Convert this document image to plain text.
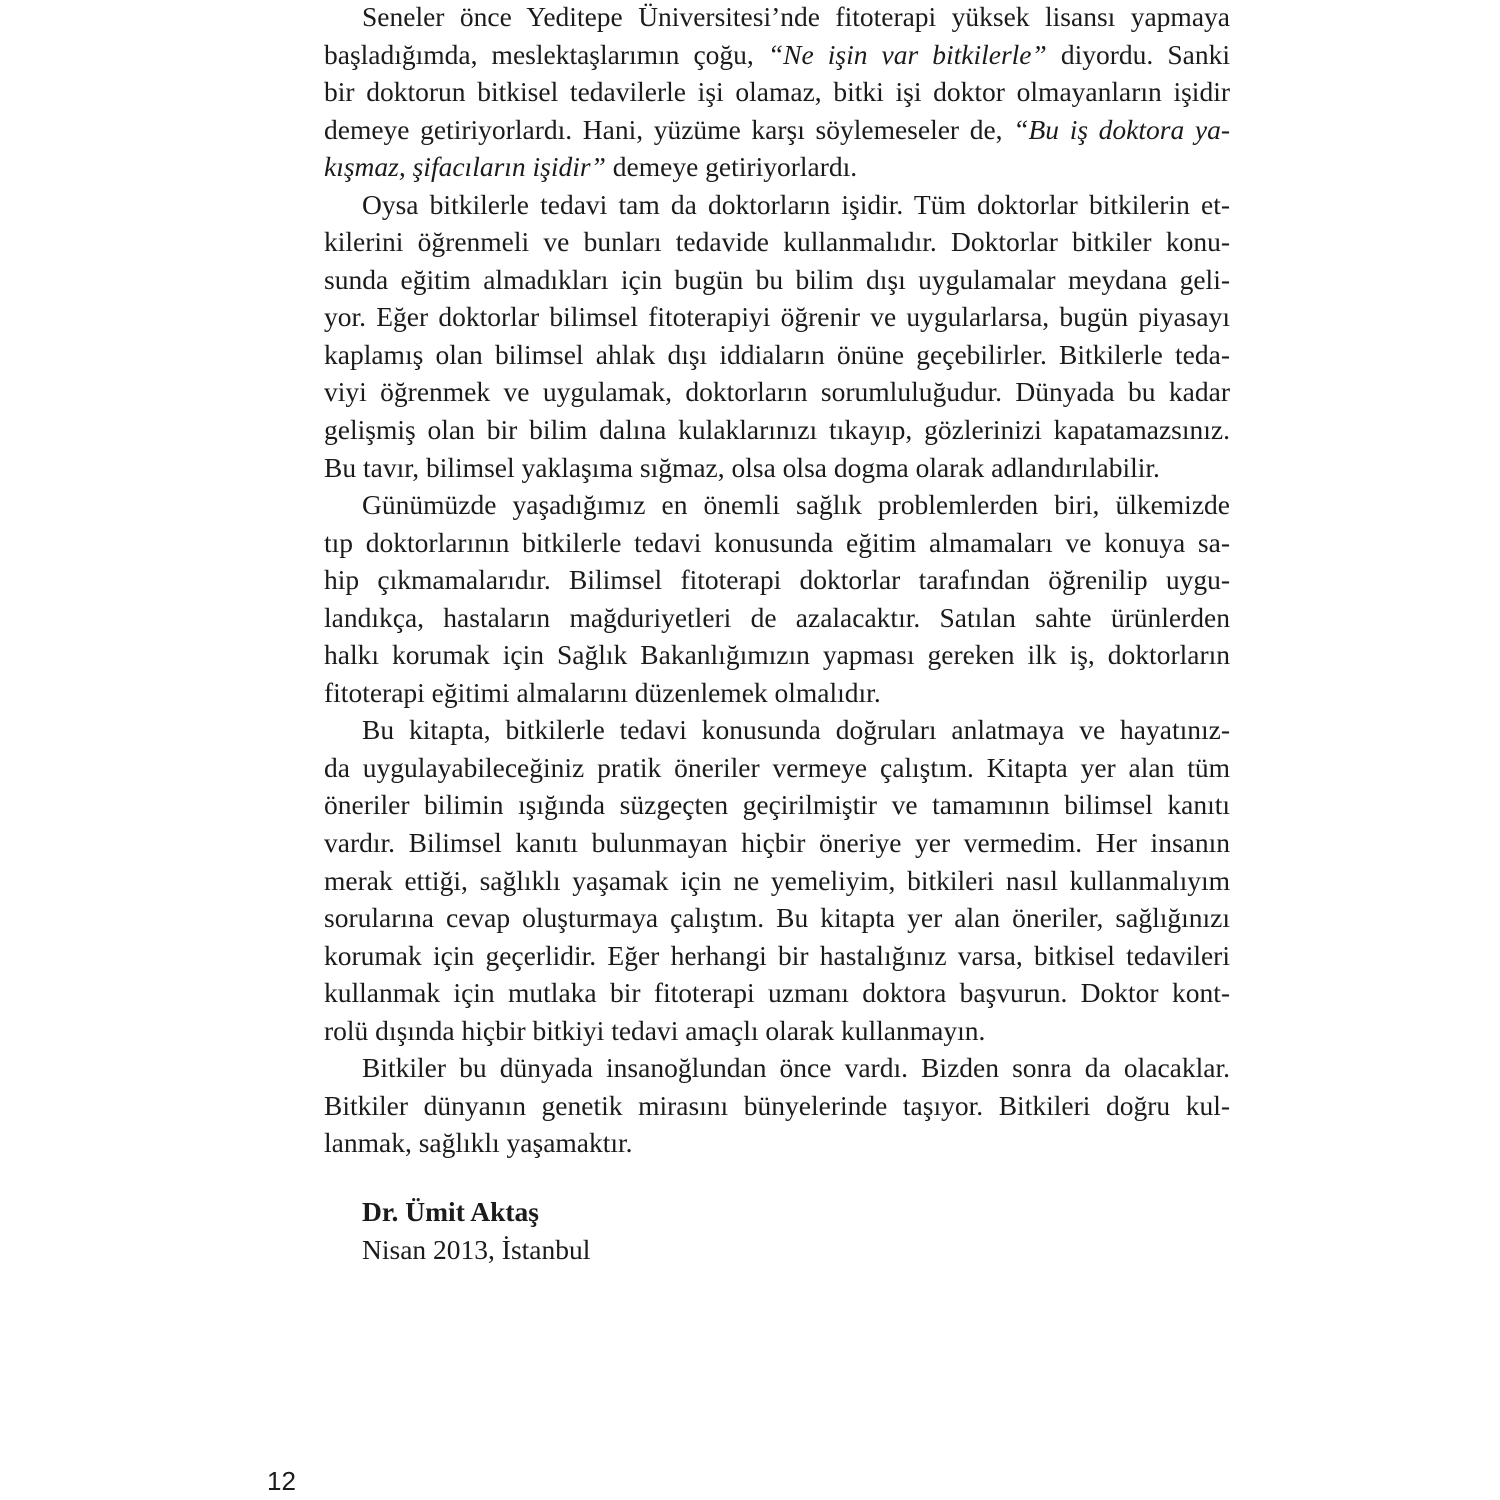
Seneler önce Yeditepe Üniversitesi’nde fitoterapi yüksek lisansı yapmaya
başladığımda, meslektaşlarımın çoğu, “Ne işin var bitkilerle” diyordu. Sanki
bir doktorun bitkisel tedavilerle işi olamaz, bitki işi doktor olmayanların işidir
demeye getiriyorlardı. Hani, yüzüme karşı söylemeseler de, “Bu iş doktora ya-
kışmaz, şifacıların işidir” demeye getiriyorlardı.
Oysa bitkilerle tedavi tam da doktorların işidir. Tüm doktorlar bitkilerin et-
kilerini öğrenmeli ve bunları tedavide kullanmalıdır. Doktorlar bitkiler konu-
sunda eğitim almadıkları için bugün bu bilim dışı uygulamalar meydana geli-
yor. Eğer doktorlar bilimsel fitoterapiyi öğrenir ve uygularlarsa, bugün piyasayı
kaplamış olan bilimsel ahlak dışı iddiaların önüne geçebilirler. Bitkilerle teda-
viyi öğrenmek ve uygulamak, doktorların sorumluluğudur. Dünyada bu kadar
gelişmiş olan bir bilim dalına kulaklarınızı tıkayıp, gözlerinizi kapatamazsınız.
Bu tavır, bilimsel yaklaşıma sığmaz, olsa olsa dogma olarak adlandırılabilir.
Günümüzde yaşadığımız en önemli sağlık problemlerden biri, ülkemizde
tıp doktorlarının bitkilerle tedavi konusunda eğitim almamaları ve konuya sa-
hip çıkmamalarıdır. Bilimsel fitoterapi doktorlar tarafından öğrenilip uygu-
landıkça, hastaların mağduriyetleri de azalacaktır. Satılan sahte ürünlerden
halkı korumak için Sağlık Bakanlığımızın yapması gereken ilk iş, doktorların
fitoterapi eğitimi almalarını düzenlemek olmalıdır.
Bu kitapta, bitkilerle tedavi konusunda doğruları anlatmaya ve hayatınız-
da uygulayabileceğiniz pratik öneriler vermeye çalıştım. Kitapta yer alan tüm
öneriler bilimin ışığında süzgeçten geçirilmiştir ve tamamının bilimsel kanıtı
vardır. Bilimsel kanıtı bulunmayan hiçbir öneriye yer vermedim. Her insanın
merak ettiği, sağlıklı yaşamak için ne yemeliyim, bitkileri nasıl kullanmalıyım
sorularına cevap oluşturmaya çalıştım. Bu kitapta yer alan öneriler, sağlığınızı
korumak için geçerlidir. Eğer herhangi bir hastalığınız varsa, bitkisel tedavileri
kullanmak için mutlaka bir fitoterapi uzmanı doktora başvurun. Doktor kont-
rolü dışında hiçbir bitkiyi tedavi amaçlı olarak kullanmayın.
Bitkiler bu dünyada insanoğlundan önce vardı. Bizden sonra da olacaklar.
Bitkiler dünyanın genetik mirasını bünyelerinde taşıyor. Bitkileri doğru kul-
lanmak, sağlıklı yaşamaktır.
Dr. Ümit Aktaş
Nisan 2013, İstanbul
12
